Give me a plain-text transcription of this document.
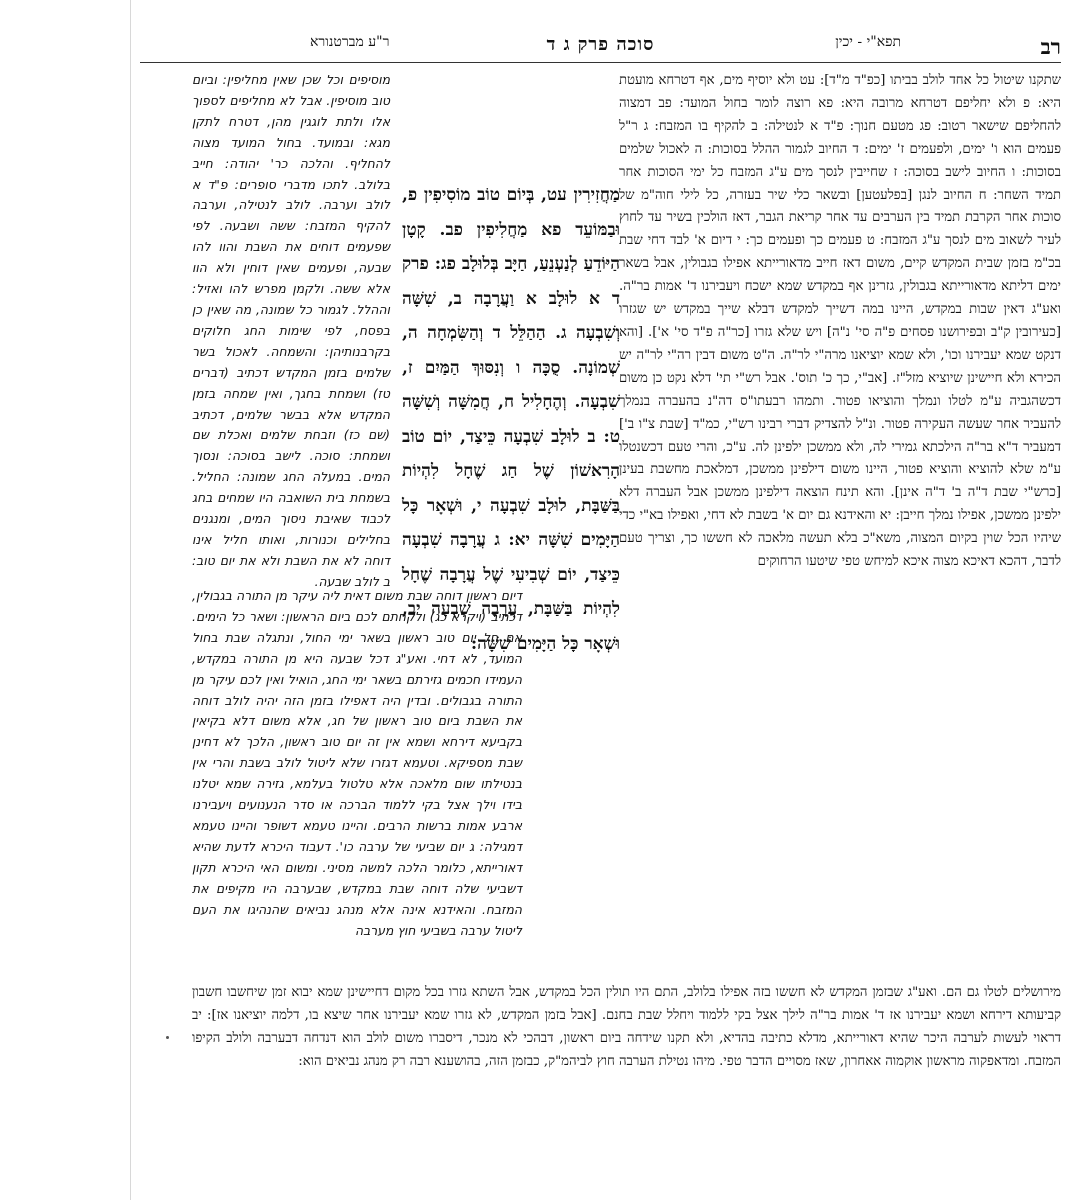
רב
תפא"י - יכין
סוכה פרק ג ד
ר"ע מברטנורא

שתקנו שיטול כל אחד לולב בביתו [כפ"ד מ"ד]: עט ולא יוסיף מים, אף דטרחא מועטת היא: פ ולא יחליפם דטרחא מרובה היא: פא רוצה לומר בחול המועד: פב דמצוה להחליפם שישאר רטוב: פג מטעם חנוך: פ"ד א לנטילה: ב להקיף בו המזבח: ג ר"ל פעמים הוא ו' ימים, ולפעמים ז' ימים: ד החיוב לגמור ההלל בסוכות: ה לאכול שלמים בסוכות: ו החיוב לישב בסוכה: ז שחייבין לנסך מים ע"ג המזבח כל ימי הסוכות אחר תמיד השחר: ח החיוב לנגן [בפלעטען] ובשאר כלי שיר בעזרה, כל לילי חוה"מ של סוכות אחר הקרבת תמיד בין הערבים עד אחר קריאת הגבר, דאז הולכין בשיר עד לחוץ לעיר לשאוב מים לנסך ע"ג המזבח: ט פעמים כך ופעמים כך: י דיום א' לבד דחי שבת בכ"מ בזמן שבית המקדש קיים, משום דאז חייב מדאורייתא אפילו בגבולין, אבל בשאר ימים דליתא מדאורייתא בגבולין, גזרינן אף במקדש שמא ישכח ויעבירנו ד' אמות בר"ה. ואע"ג דאין שבות במקדש, היינו במה דשייך למקדש דבלא שייך במקדש יש שגזרו [כעירובין ק"ב ובפירושנו פסחים פ"ה סי' נ"ה] ויש שלא גזרו [כר"ה פ"ד סי' א']. [והא דנקט שמא יעבירנו וכו', ולא שמא יוציאנו מרה"י לר"ה. ה"ט משום דבין רה"י לר"ה יש הכירא ולא חיישינן שיוציא מזל"ז. [אב"י, כך כ' תוס'. אבל רש"י תי' דלא נקט כן משום דכשהגביה ע"מ לטלו ונמלך והוציאו פטור. ותמהו רבעתו"ס דה"נ בהעברה בנמלך להעביר אחר שעשה העקירה פטור. ונ"ל להצדיק דברי רבינו רש"י, כמ"ד [שבת צ"ו ב'] דמעביר ד"א בר"ה הילכתא גמירי לה, ולא ממשכן ילפינן לה. ע"כ, והרי טעם דכשנטלו ע"מ שלא להוציא והוציא פטור, היינו משום דילפינן ממשכן, דמלאכת מחשבת בעינן [כרש"י שבת ד"ה ב' ד"ה אינן]. והא תינח הוצאה דילפינן ממשכן אבל העברה דלא ילפינן ממשכן, אפילו נמלך חייבן: יא והאידנא גם יום א' בשבת לא דחי, ואפילו בא"י כדי שיהיו הכל שוין בקיום המצוה, משא"כ בלא תעשה מלאכה לא חששו כך, וצריך טעם לדבר, דהכא דאיכא מצוה איכא למיחש טפי שיטעו הרחוקים

מוסיפים וכל שכן שאין מחליפין: וביום טוב מוסיפין. אבל לא מחליפים לספוך אלו ולתת לוגגין מהן, דטרח לתקן מגא: ובמועד. בחול המועד מצוה להחליף. והלכה כר' יהודה: חייב בלולב. לתכו מדברי סופרים: פ"ד א לולב וערבה. לולב לנטילה, וערבה להקיף המזבח: ששה ושבעה. לפי שפעמים דוחים את השבת והוו להו שבעה, ופעמים שאין דוחין ולא הוו אלא ששה. ולקמן מפרש להו ואזיל: וההלל. לגמור כל שמונה, מה שאין כן בפסח, לפי שימות החג חלוקים בקרבנותיהן: והשמחה. לאכול בשר שלמים בזמן המקדש דכתיב (דברים טז) ושמחת בחגך, ואין שמחה בזמן המקדש אלא בבשר שלמים, דכתיב (שם כז) וזבחת שלמים ואכלת שם ושמחת: סוכה. לישב בסוכה: ונסוך המים. במעלה החג שמונה: החליל. בשמחת בית השואבה היו שמחים בחג לכבוד שאיבת ניסוך המים, ומנגנים בחלילים וכנורות, ואותו חליל אינו דוחה לא את השבת ולא את יום טוב: ב לולב שבעה.

מַחֲזִירִין עט, בְּיוֹם טוֹב מוֹסִיפִין פ, וּבַמּוֹעֵד פא מַחֲלִיפִין פב. קָטָן הַיּוֹדֵעַ לְנַעְנֵעַ, חַיָּב בְּלוּלָב פג: פרק ד א לוּלָב א וַעֲרָבָה ב, שִׁשָּׁה וְשִׁבְעָה ג. הַהַלֵּל ד וְהַשִּׂמְחָה ה, שְׁמוֹנָה. סֻכָּה ו וְנִסּוּךְ הַמַּיִם ז, שִׁבְעָה. וְהֶחָלִיל ח, חֲמִשָּׁה וְשִׁשָּׁה ט: ב לוּלָב שִׁבְעָה כֵּיצַד, יוֹם טוֹב הָרִאשׁוֹן שֶׁל חַג שֶׁחָל לִהְיוֹת בַּשַּׁבָּת, לוּלָב שִׁבְעָה י, וּשְׁאָר כָּל הַיָּמִים שִׁשָּׁה יא: ג עֲרָבָה שִׁבְעָה כֵּיצַד, יוֹם שְׁבִיעִי שֶׁל עֲרָבָה שֶׁחָל לִהְיוֹת בַּשַּׁבָּת, עֲרָבָה שִׁבְעָה יב, וּשְׁאָר כָּל הַיָּמִים שִׁשָּׁה:

דיום ראשון דוחה שבת משום דאית ליה עיקר מן התורה בגבולין, דכתיב (ויקרא כג) ולקחתם לכם ביום הראשון: ושאר כל הימים. אם חל יום טוב ראשון בשאר ימי החול, ונתגלה שבת בחול המועד, לא דחי. ואע"ג דכל שבעה היא מן התורה במקדש, העמידו חכמים גזירתם בשאר ימי החג, הואיל ואין לכם עיקר מן התורה בגבולים. ובדין היה דאפילו בזמן הזה יהיה לולב דוחה את השבת ביום טוב ראשון של חג, אלא משום דלא בקיאין בקביעא דירחא ושמא אין זה יום טוב ראשון, הלכך לא דחינן שבת מספיקא. וטעמא דגזרו שלא ליטול לולב בשבת והרי אין בנטילתו שום מלאכה אלא טלטול בעלמא, גזירה שמא יטלנו בידו וילך אצל בקי ללמוד הברכה או סדר הנענועים ויעבירנו ארבע אמות ברשות הרבים. והיינו טעמא דשופר והיינו טעמא דמגילה: ג יום שביעי של ערבה כו'. דעבוד היכרא לדעת שהיא דאורייתא, כלומר הלכה למשה מסיני. ומשום האי היכרא תקון דשביעי שלה דוחה שבת במקדש, שבערבה היו מקיפים את המזבח. והאידנא אינה אלא מנהג נביאים שהנהיגו את העם ליטול ערבה בשביעי חוץ מערבה

מירושלים לטלו גם הם. ואע"ג שבזמן המקדש לא חששו בזה אפילו בלולב, התם היו תולין הכל במקדש, אבל השתא גזרו בכל מקום דחיישינן שמא יבוא זמן שיחשבו חשבון קביעותא דירחא ושמא יעבירנו אז ד' אמות בר"ה לילך אצל בקי ללמוד ויחלל שבת בחנם. [אבל בזמן המקדש, לא גזרו שמא יעבירנו אחר שיצא בו, דלמה יוציאנו אז]: יב דראוי לעשות לערבה היכר שהיא דאורייתא, מדלא כתיבה בהדיא, ולא תקנו שידחה ביום ראשון, דבהכי לא מנכר, דיסברו משום לולב הוא דנדחה דבערבה ולולב הקיפו המזבח. ומדאפקוה מראשון אוקמוה אאחרון, שאז מסויים הדבר טפי. מיהו נטילת הערבה חוץ לביהמ"ק, כבזמן הזה, בהושענא רבה רק מנהג נביאים הוא:
